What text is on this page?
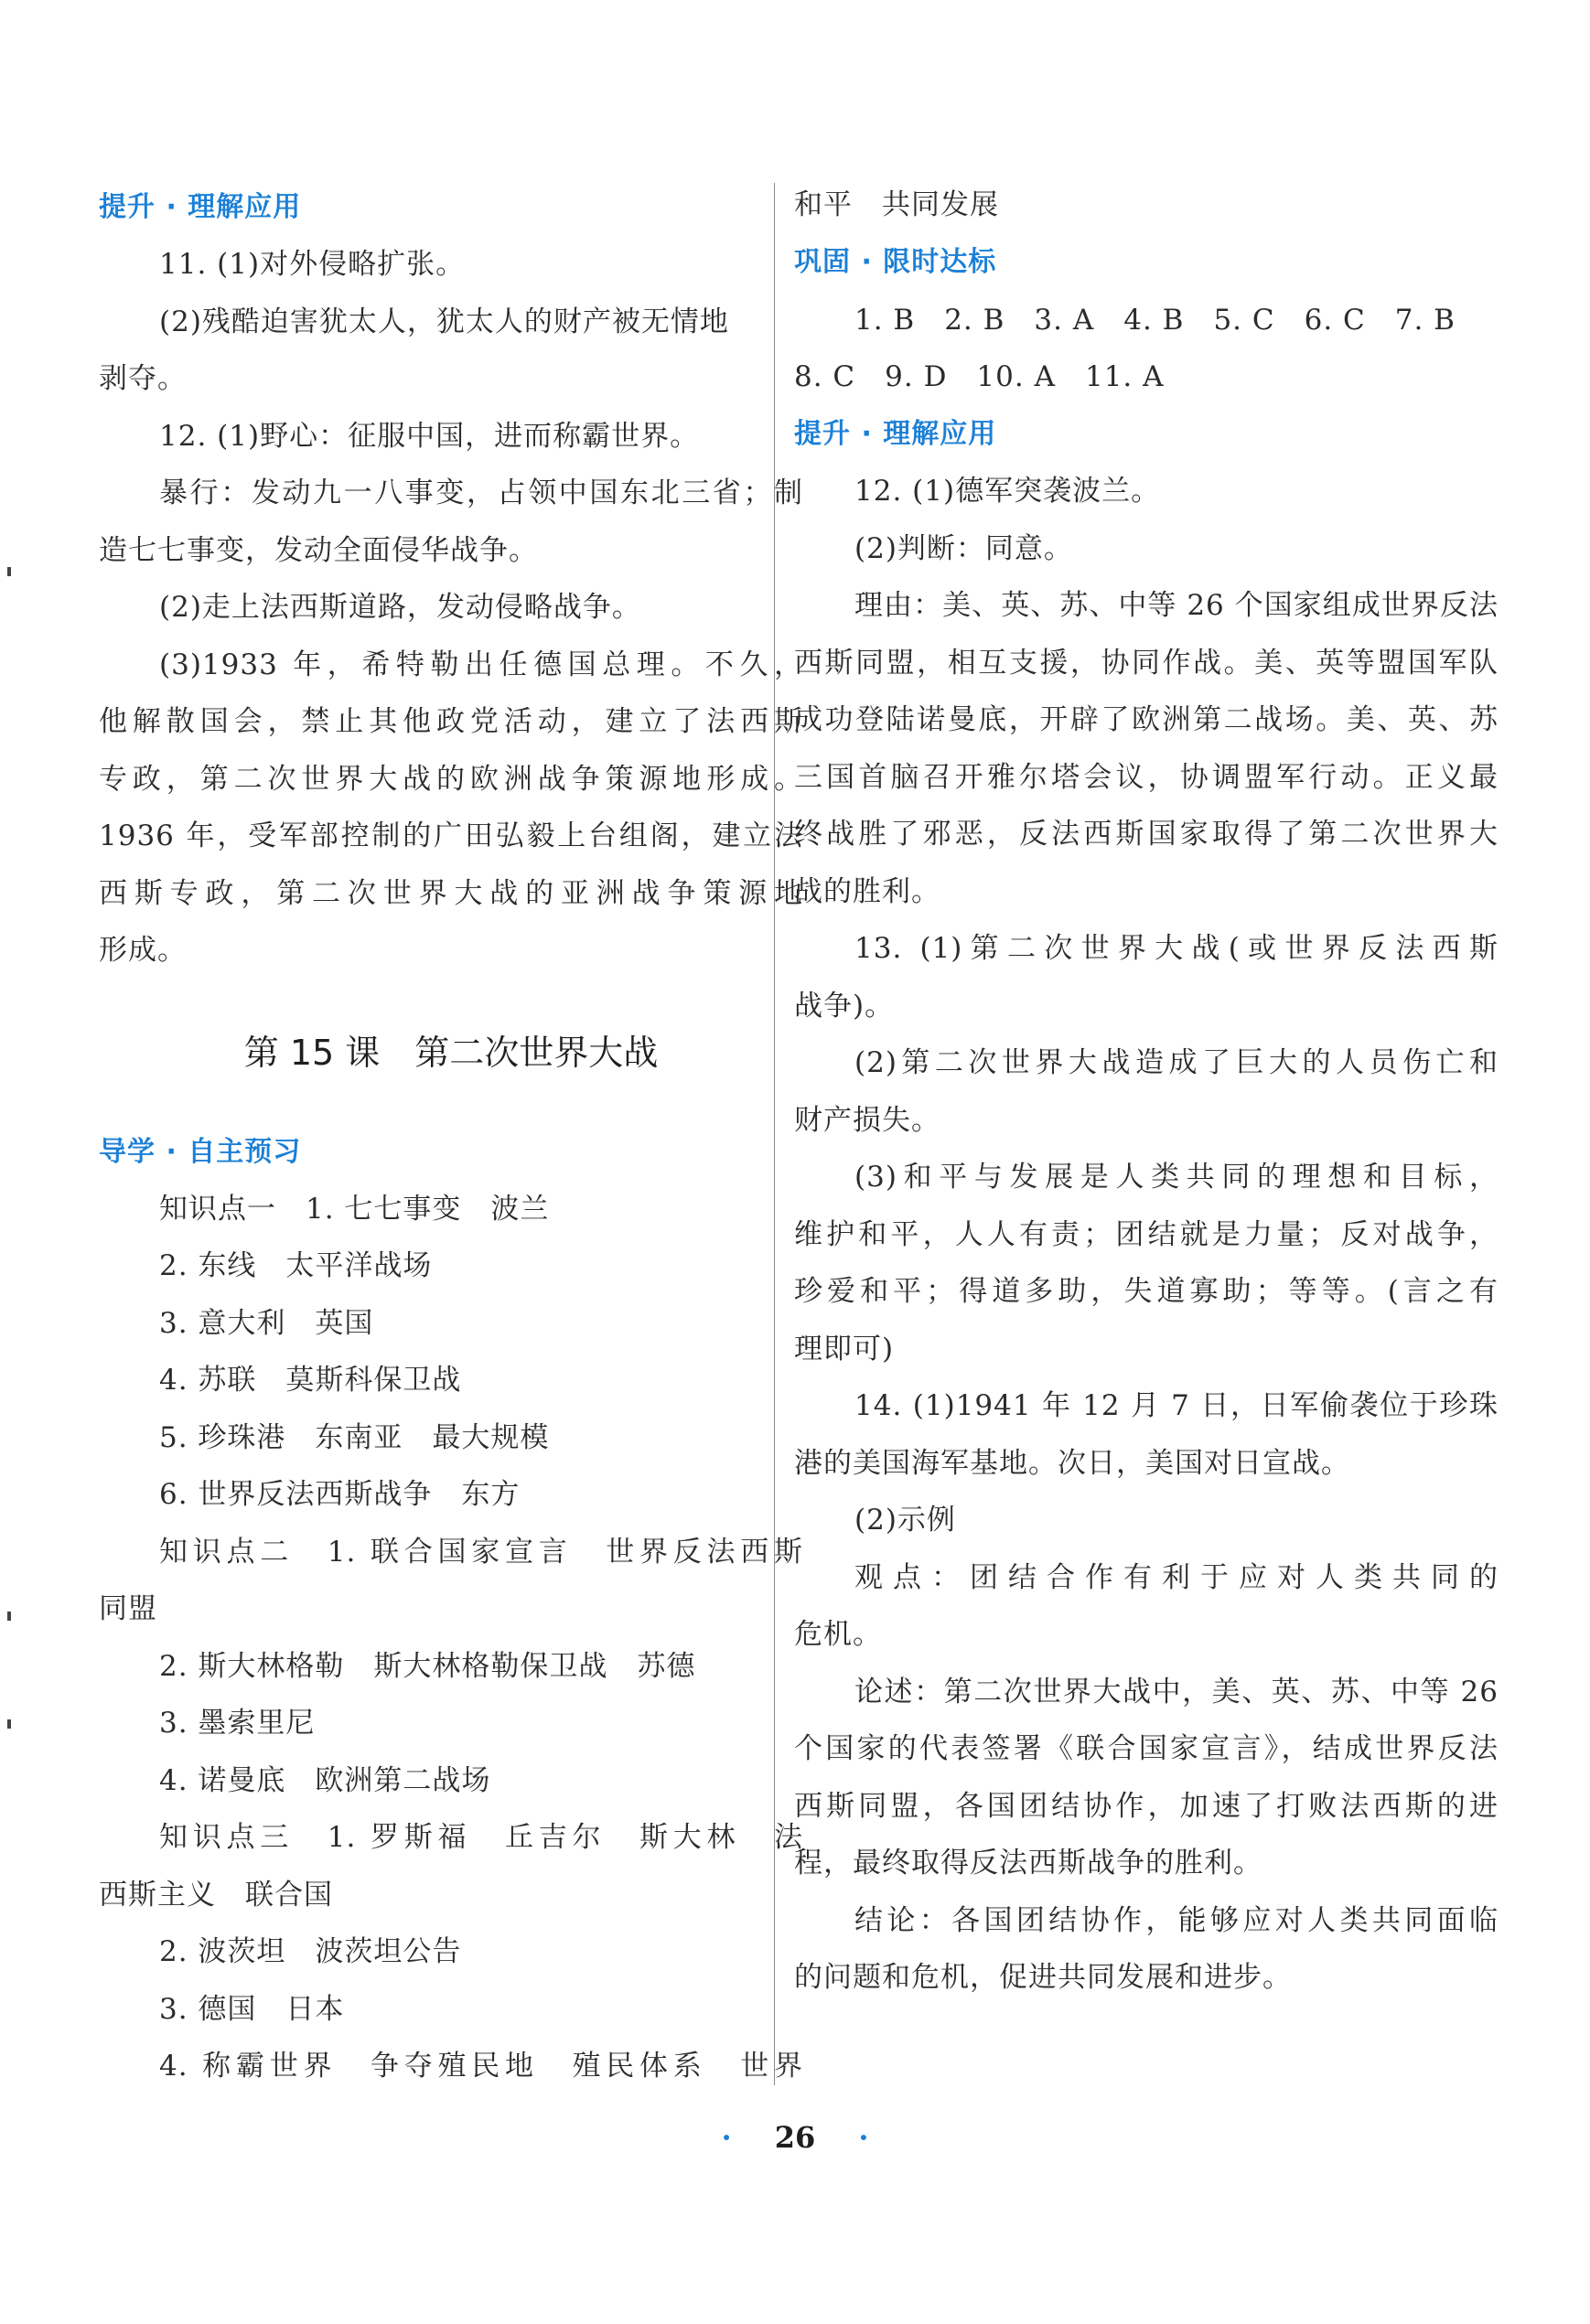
提升 · 理解应用
11. (1)对外侵略扩张。
(2)残酷迫害犹太人，犹太人的财产被无情地
剥夺。
12. (1)野心：征服中国，进而称霸世界。
暴行：发动九一八事变，占领中国东北三省；制
造七七事变，发动全面侵华战争。
(2)走上法西斯道路，发动侵略战争。
(3)1933 年，希特勒出任德国总理。不久，
他解散国会，禁止其他政党活动，建立了法西斯
专政，第二次世界大战的欧洲战争策源地形成。
1936 年，受军部控制的广田弘毅上台组阁，建立法
西斯专政，第二次世界大战的亚洲战争策源地
形成。
第 15 课　第二次世界大战
导学 · 自主预习
知识点一　1. 七七事变　波兰
2. 东线　太平洋战场
3. 意大利　英国
4. 苏联　莫斯科保卫战
5. 珍珠港　东南亚　最大规模
6. 世界反法西斯战争　东方
知识点二　1. 联合国家宣言　世界反法西斯
同盟
2. 斯大林格勒　斯大林格勒保卫战　苏德
3. 墨索里尼
4. 诺曼底　欧洲第二战场
知识点三　1. 罗斯福　丘吉尔　斯大林　法
西斯主义　联合国
2. 波茨坦　波茨坦公告
3. 德国　日本
4. 称霸世界　争夺殖民地　殖民体系　世界
和平　共同发展
巩固 · 限时达标
1. B　2. B　3. A　4. B　5. C　6. C　7. B
8. C　9. D　10. A　11. A
提升 · 理解应用
12. (1)德军突袭波兰。
(2)判断：同意。
理由：美、英、苏、中等 26 个国家组成世界反法
西斯同盟，相互支援，协同作战。美、英等盟国军队
成功登陆诺曼底，开辟了欧洲第二战场。美、英、苏
三国首脑召开雅尔塔会议，协调盟军行动。正义最
终战胜了邪恶，反法西斯国家取得了第二次世界大
战的胜利。
13. (1)第二次世界大战(或世界反法西斯
战争)。
(2)第二次世界大战造成了巨大的人员伤亡和
财产损失。
(3)和平与发展是人类共同的理想和目标，
维护和平，人人有责；团结就是力量；反对战争，
珍爱和平；得道多助，失道寡助；等等。(言之有
理即可)
14. (1)1941 年 12 月 7 日，日军偷袭位于珍珠
港的美国海军基地。次日，美国对日宣战。
(2)示例
观点：团结合作有利于应对人类共同的
危机。
论述：第二次世界大战中，美、英、苏、中等 26
个国家的代表签署《联合国家宣言》，结成世界反法
西斯同盟，各国团结协作，加速了打败法西斯的进
程，最终取得反法西斯战争的胜利。
结论：各国团结协作，能够应对人类共同面临
的问题和危机，促进共同发展和进步。
· 26 ·
